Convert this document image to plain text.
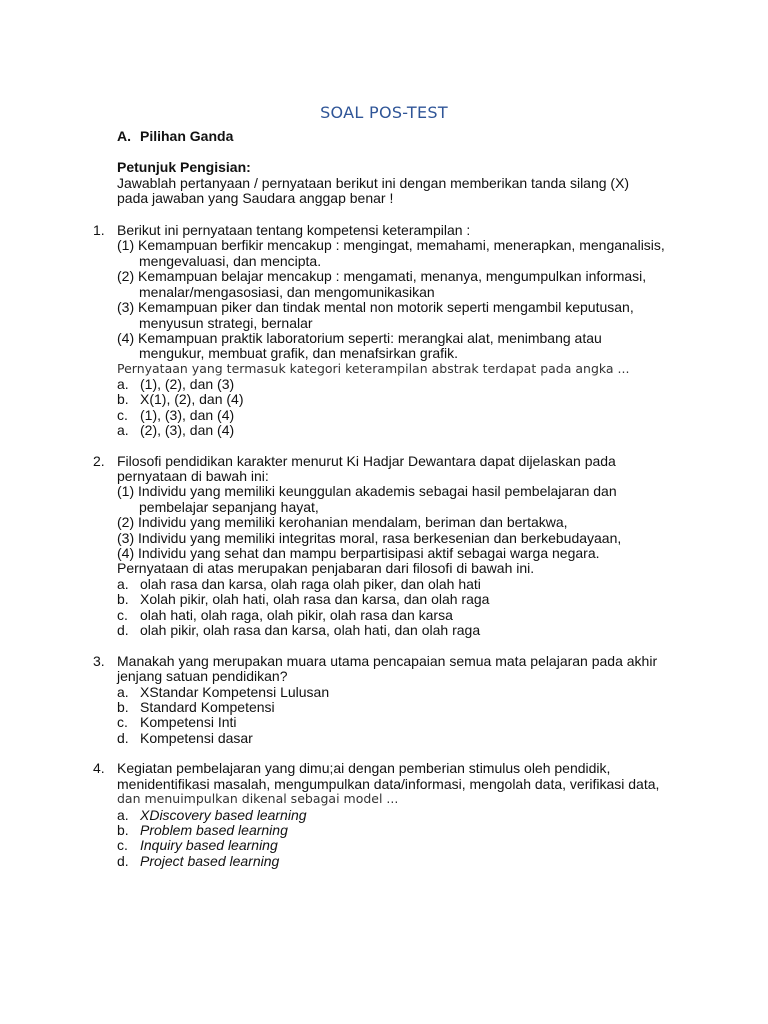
SOAL POS-TEST
A. Pilihan Ganda
Petunjuk Pengisian:
Jawablah pertanyaan / pernyataan berikut ini dengan memberikan tanda silang (X)
pada jawaban yang Saudara anggap benar !
1. Berikut ini pernyataan tentang kompetensi keterampilan :
(1) Kemampuan berfikir mencakup : mengingat, memahami, menerapkan, menganalisis,
mengevaluasi, dan mencipta.
(2) Kemampuan belajar mencakup : mengamati, menanya, mengumpulkan informasi,
menalar/mengasosiasi, dan mengomunikasikan
(3) Kemampuan piker dan tindak mental non motorik seperti mengambil keputusan,
menyusun strategi, bernalar
(4) Kemampuan praktik laboratorium seperti: merangkai alat, menimbang atau
mengukur, membuat grafik, dan menafsirkan grafik.
Pernyataan yang termasuk kategori keterampilan abstrak terdapat pada angka ...
a. (1), (2), dan (3)
b. X(1), (2), dan (4)
c. (1), (3), dan (4)
a. (2), (3), dan (4)
2. Filosofi pendidikan karakter menurut Ki Hadjar Dewantara dapat dijelaskan pada
pernyataan di bawah ini:
(1) Individu yang memiliki keunggulan akademis sebagai hasil pembelajaran dan
pembelajar sepanjang hayat,
(2) Individu yang memiliki kerohanian mendalam, beriman dan bertakwa,
(3) Individu yang memiliki integritas moral, rasa berkesenian dan berkebudayaan,
(4) Individu yang sehat dan mampu berpartisipasi aktif sebagai warga negara.
Pernyataan di atas merupakan penjabaran dari filosofi di bawah ini.
a. olah rasa dan karsa, olah raga olah piker, dan olah hati
b. Xolah pikir, olah hati, olah rasa dan karsa, dan olah raga
c. olah hati, olah raga, olah pikir, olah rasa dan karsa
d. olah pikir, olah rasa dan karsa, olah hati, dan olah raga
3. Manakah yang merupakan muara utama pencapaian semua mata pelajaran pada akhir
jenjang satuan pendidikan?
a. XStandar Kompetensi Lulusan
b. Standard Kompetensi
c. Kompetensi Inti
d. Kompetensi dasar
4. Kegiatan pembelajaran yang dimu;ai dengan pemberian stimulus oleh pendidik,
menidentifikasi masalah, mengumpulkan data/informasi, mengolah data, verifikasi data,
dan menuimpulkan dikenal sebagai model ...
a. XDiscovery based learning
b. Problem based learning
c. Inquiry based learning
d. Project based learning
